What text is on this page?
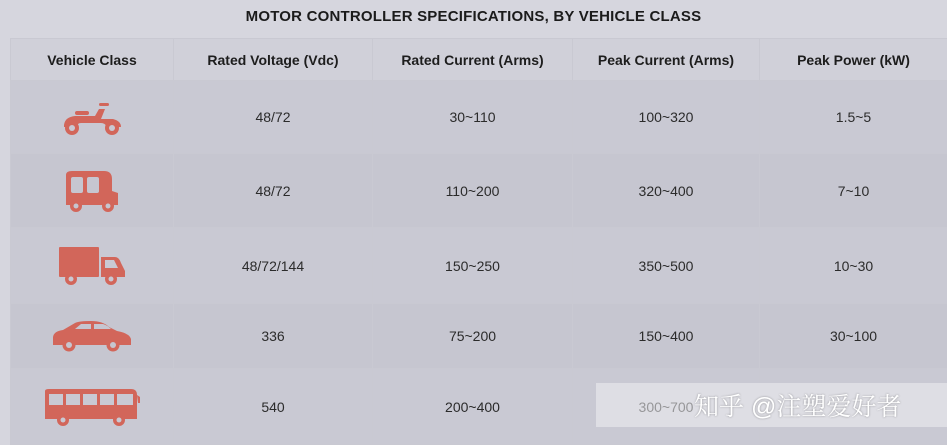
MOTOR CONTROLLER SPECIFICATIONS, BY VEHICLE CLASS
Vehicle Class	Rated Voltage (Vdc)	Rated Current (Arms)	Peak Current (Arms)	Peak Power (kW)
	48/72	30~110	100~320	1.5~5
	48/72	110~200	320~400	7~10
	48/72/144	150~250	350~500	10~30
	336	75~200	150~400	30~100
	540	200~400			知乎 @注塑爱好者
